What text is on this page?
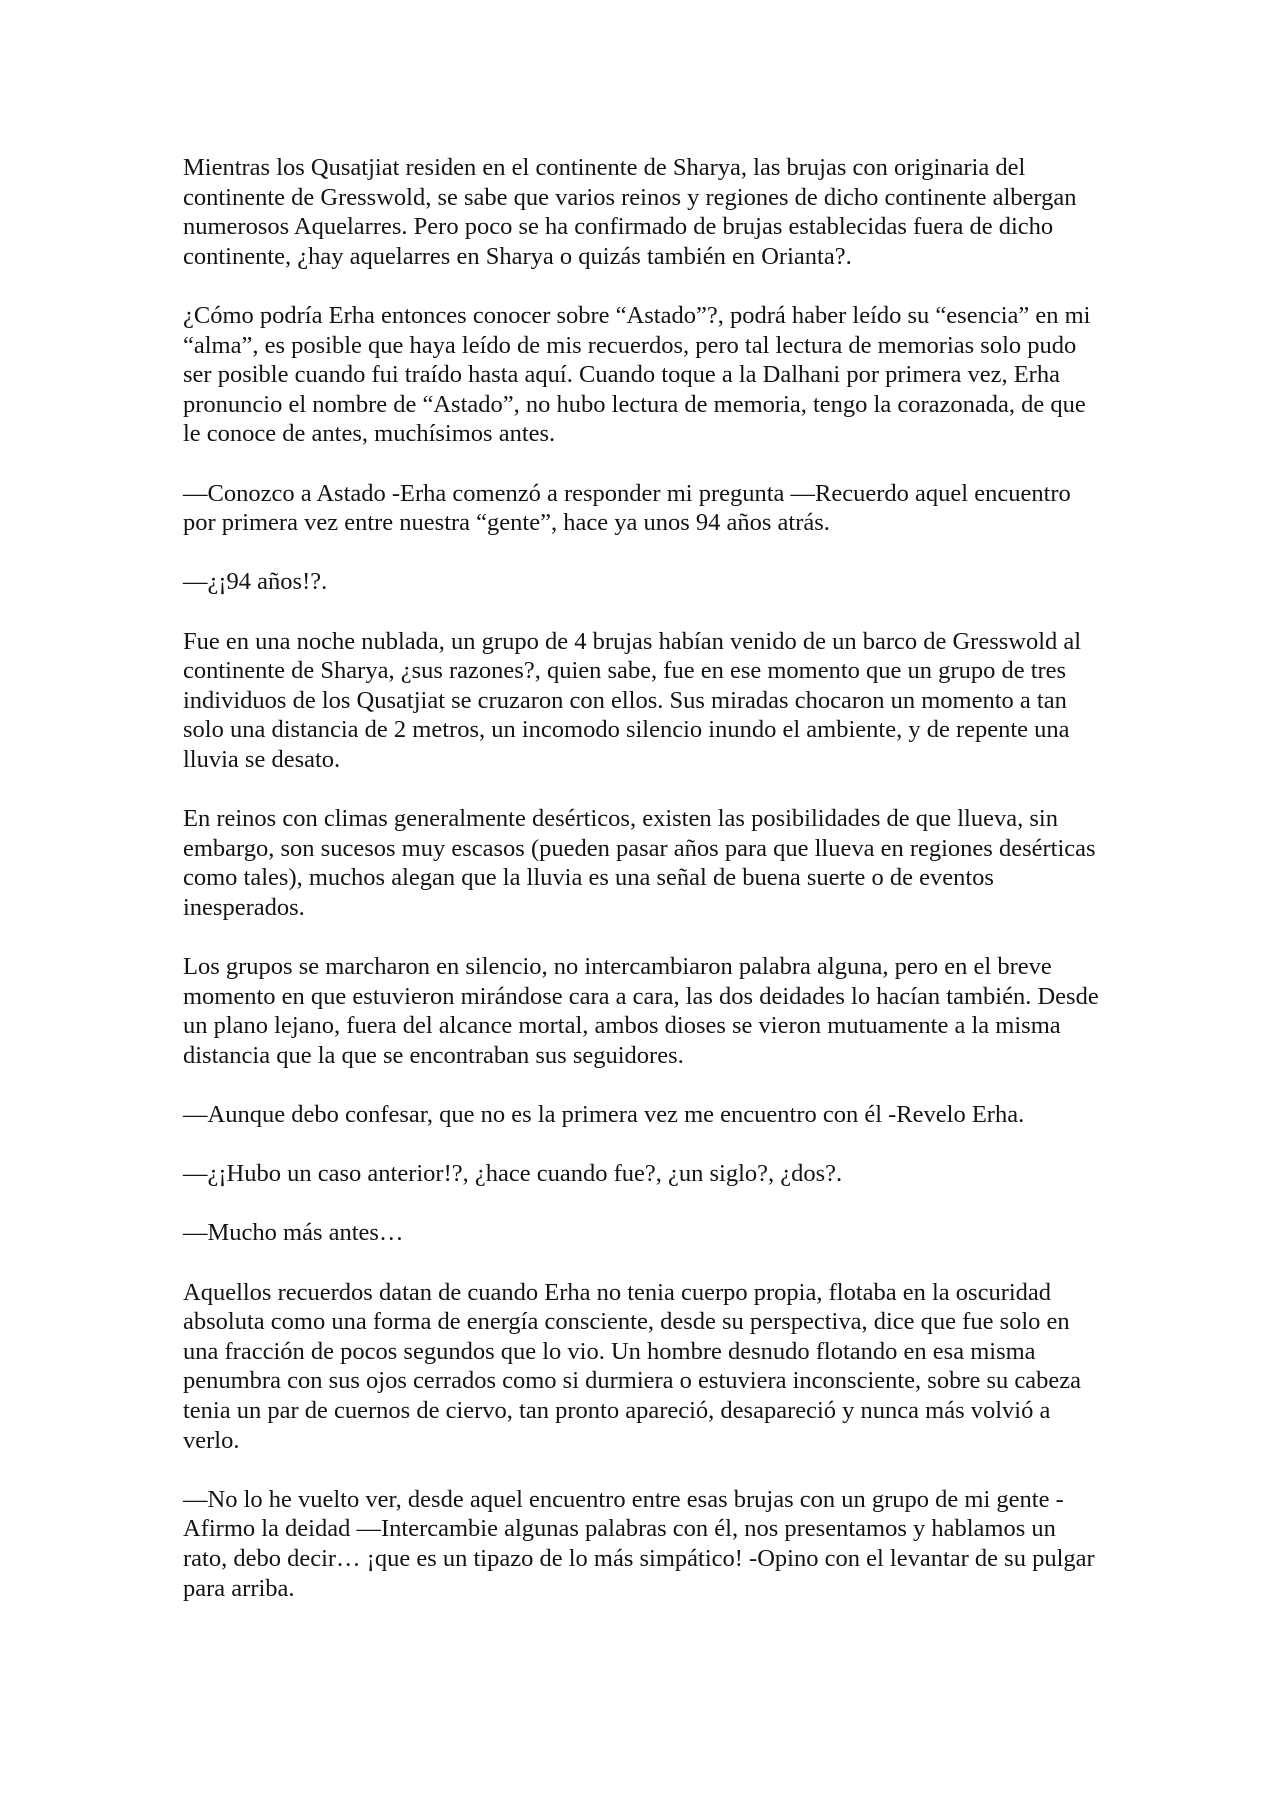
Mientras los Qusatjiat residen en el continente de Sharya, las brujas con originaria del continente de Gresswold, se sabe que varios reinos y regiones de dicho continente albergan numerosos Aquelarres. Pero poco se ha confirmado de brujas establecidas fuera de dicho continente, ¿hay aquelarres en Sharya o quizás también en Orianta?.

¿Cómo podría Erha entonces conocer sobre “Astado”?, podrá haber leído su “esencia” en mi “alma”, es posible que haya leído de mis recuerdos, pero tal lectura de memorias solo pudo ser posible cuando fui traído hasta aquí. Cuando toque a la Dalhani por primera vez, Erha pronuncio el nombre de “Astado”, no hubo lectura de memoria, tengo la corazonada, de que le conoce de antes, muchísimos antes.

—Conozco a Astado -Erha comenzó a responder mi pregunta —Recuerdo aquel encuentro por primera vez entre nuestra “gente”, hace ya unos 94 años atrás.

—¿¡94 años!?.

Fue en una noche nublada, un grupo de 4 brujas habían venido de un barco de Gresswold al continente de Sharya, ¿sus razones?, quien sabe, fue en ese momento que un grupo de tres individuos de los Qusatjiat se cruzaron con ellos. Sus miradas chocaron un momento a tan solo una distancia de 2 metros, un incomodo silencio inundo el ambiente, y de repente una lluvia se desato.

En reinos con climas generalmente desérticos, existen las posibilidades de que llueva, sin embargo, son sucesos muy escasos (pueden pasar años para que llueva en regiones desérticas como tales), muchos alegan que la lluvia es una señal de buena suerte o de eventos inesperados.

Los grupos se marcharon en silencio, no intercambiaron palabra alguna, pero en el breve momento en que estuvieron mirándose cara a cara, las dos deidades lo hacían también. Desde un plano lejano, fuera del alcance mortal, ambos dioses se vieron mutuamente a la misma distancia que la que se encontraban sus seguidores.

—Aunque debo confesar, que no es la primera vez me encuentro con él -Revelo Erha.

—¿¡Hubo un caso anterior!?, ¿hace cuando fue?, ¿un siglo?, ¿dos?.

—Mucho más antes…

Aquellos recuerdos datan de cuando Erha no tenia cuerpo propia, flotaba en la oscuridad absoluta como una forma de energía consciente, desde su perspectiva, dice que fue solo en una fracción de pocos segundos que lo vio. Un hombre desnudo flotando en esa misma penumbra con sus ojos cerrados como si durmiera o estuviera inconsciente, sobre su cabeza tenia un par de cuernos de ciervo, tan pronto apareció, desapareció y nunca más volvió a verlo.

—No lo he vuelto ver, desde aquel encuentro entre esas brujas con un grupo de mi gente -Afirmo la deidad —Intercambie algunas palabras con él, nos presentamos y hablamos un rato, debo decir… ¡que es un tipazo de lo más simpático! -Opino con el levantar de su pulgar para arriba.
